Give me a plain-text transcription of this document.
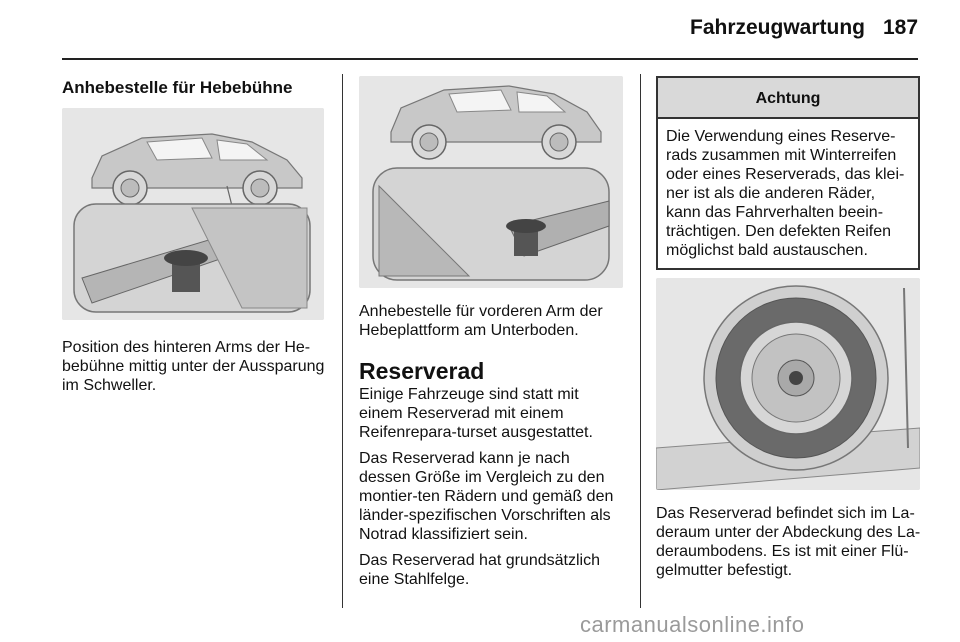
Fahrzeugwartung 187
Anhebestelle für Hebebühne
Position des hinteren Arms der He-bebühne mittig unter der Aussparung im Schweller.
Anhebestelle für vorderen Arm der Hebeplattform am Unterboden.
Reserverad

Einige Fahrzeuge sind statt mit einem Reserverad mit einem Reifenrepara-turset ausgestattet.

Das Reserverad kann je nach dessen Größe im Vergleich zu den montier-ten Rädern und gemäß den länder-spezifischen Vorschriften als Notrad klassifiziert sein.

Das Reserverad hat grundsätzlich eine Stahlfelge.

Achtung
Die Verwendung eines Reserve-rads zusammen mit Winterreifen oder eines Reserverads, das klei-ner ist als die anderen Räder, kann das Fahrverhalten beein-trächtigen. Den defekten Reifen möglichst bald austauschen.
Das Reserverad befindet sich im La-deraum unter der Abdeckung des La-deraumbodens. Es ist mit einer Flü-gelmutter befestigt.
carmanualsonline.info
